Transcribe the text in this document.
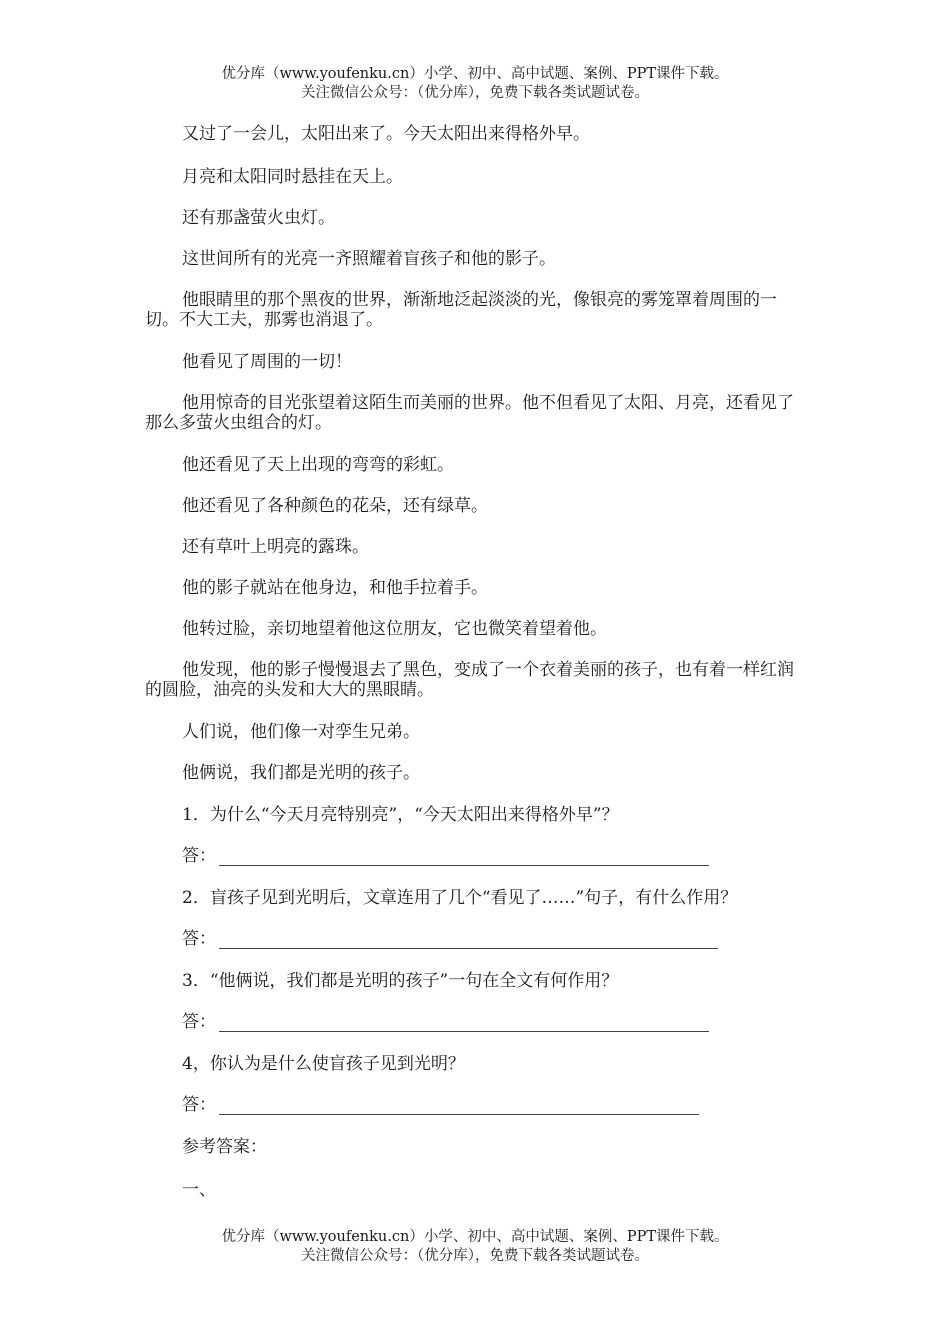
优分库（www.youfenku.cn）小学、初中、高中试题、案例、PPT课件下载。
关注微信公众号：（优分库），免费下载各类试题试卷。
又过了一会儿，太阳出来了。今天太阳出来得格外早。
月亮和太阳同时悬挂在天上。
还有那盏萤火虫灯。
这世间所有的光亮一齐照耀着盲孩子和他的影子。
他眼睛里的那个黑夜的世界，渐渐地泛起淡淡的光，像银亮的雾笼罩着周围的一切。不大工夫，那雾也消退了。
他看见了周围的一切！
他用惊奇的目光张望着这陌生而美丽的世界。他不但看见了太阳、月亮，还看见了那么多萤火虫组合的灯。
他还看见了天上出现的弯弯的彩虹。
他还看见了各种颜色的花朵，还有绿草。
还有草叶上明亮的露珠。
他的影子就站在他身边，和他手拉着手。
他转过脸，亲切地望着他这位朋友，它也微笑着望着他。
他发现，他的影子慢慢退去了黑色，变成了一个衣着美丽的孩子，也有着一样红润的圆脸，油亮的头发和大大的黑眼睛。
人们说，他们像一对孪生兄弟。
他俩说，我们都是光明的孩子。
1．为什么“今天月亮特别亮”，“今天太阳出来得格外早”？
答：
2．盲孩子见到光明后，文章连用了几个“看见了……”句子，有什么作用？
答：
3．“他俩说，我们都是光明的孩子”一句在全文有何作用？
答：
4，你认为是什么使盲孩子见到光明？
答：
参考答案：
一、
优分库（www.youfenku.cn）小学、初中、高中试题、案例、PPT课件下载。
关注微信公众号：（优分库），免费下载各类试题试卷。
